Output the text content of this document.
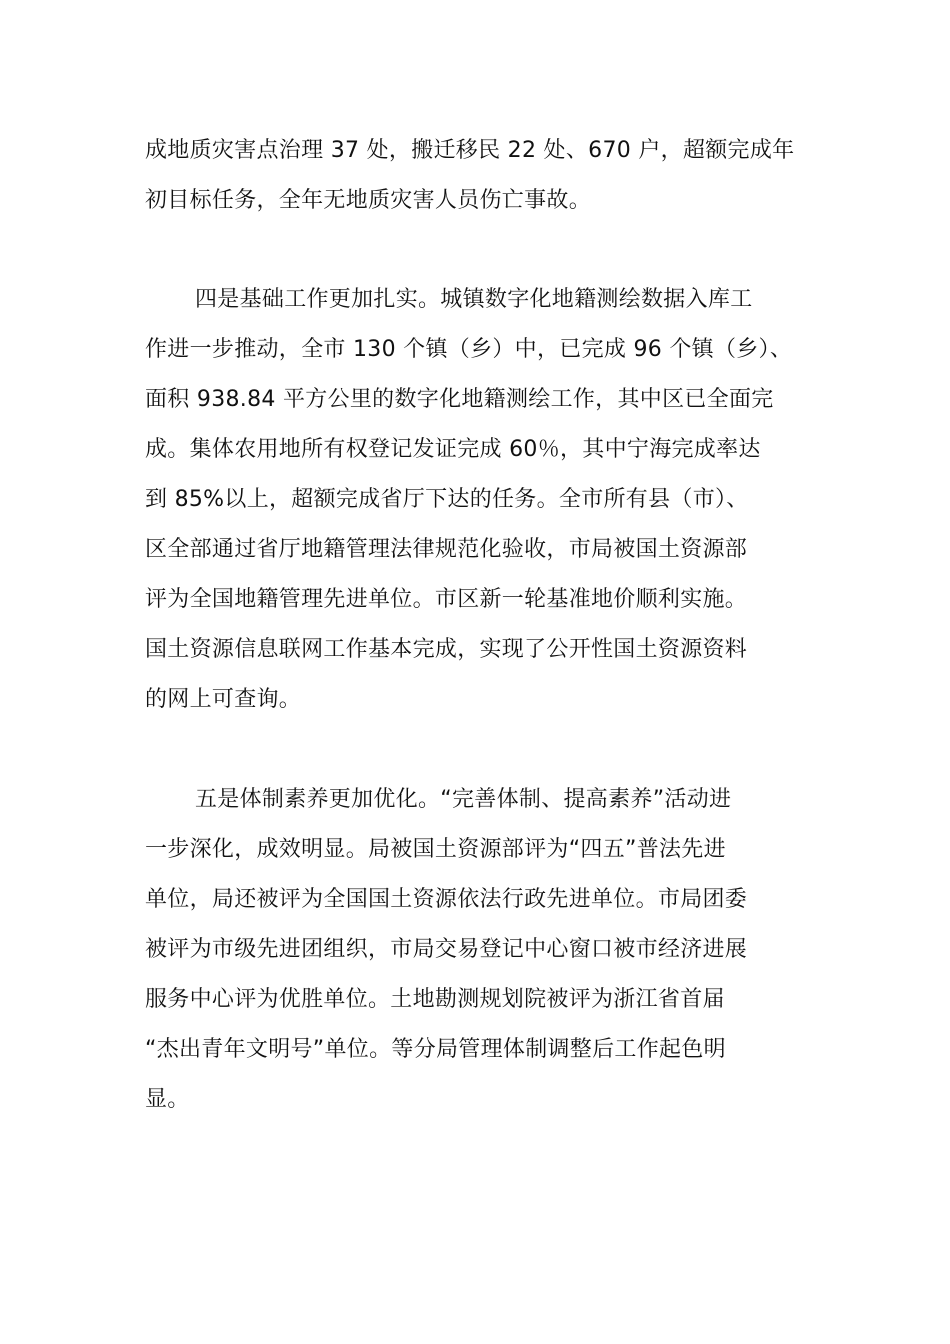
成地质灾害点治理 37 处，搬迁移民 22 处、670 户，超额完成年
初目标任务，全年无地质灾害人员伤亡事故。
四是基础工作更加扎实。城镇数字化地籍测绘数据入库工
作进一步推动，全市 130 个镇（乡）中，已完成 96 个镇（乡）、
面积 938.84 平方公里的数字化地籍测绘工作，其中区已全面完
成。集体农用地所有权登记发证完成 60％，其中宁海完成率达
到 85%以上，超额完成省厅下达的任务。全市所有县（市）、
区全部通过省厅地籍管理法律规范化验收，市局被国土资源部
评为全国地籍管理先进单位。市区新一轮基准地价顺利实施。
国土资源信息联网工作基本完成，实现了公开性国土资源资料
的网上可查询。
五是体制素养更加优化。“完善体制、提高素养”活动进
一步深化，成效明显。局被国土资源部评为“四五”普法先进
单位，局还被评为全国国土资源依法行政先进单位。市局团委
被评为市级先进团组织，市局交易登记中心窗口被市经济进展
服务中心评为优胜单位。土地勘测规划院被评为浙江省首届
“杰出青年文明号”单位。等分局管理体制调整后工作起色明
显。
